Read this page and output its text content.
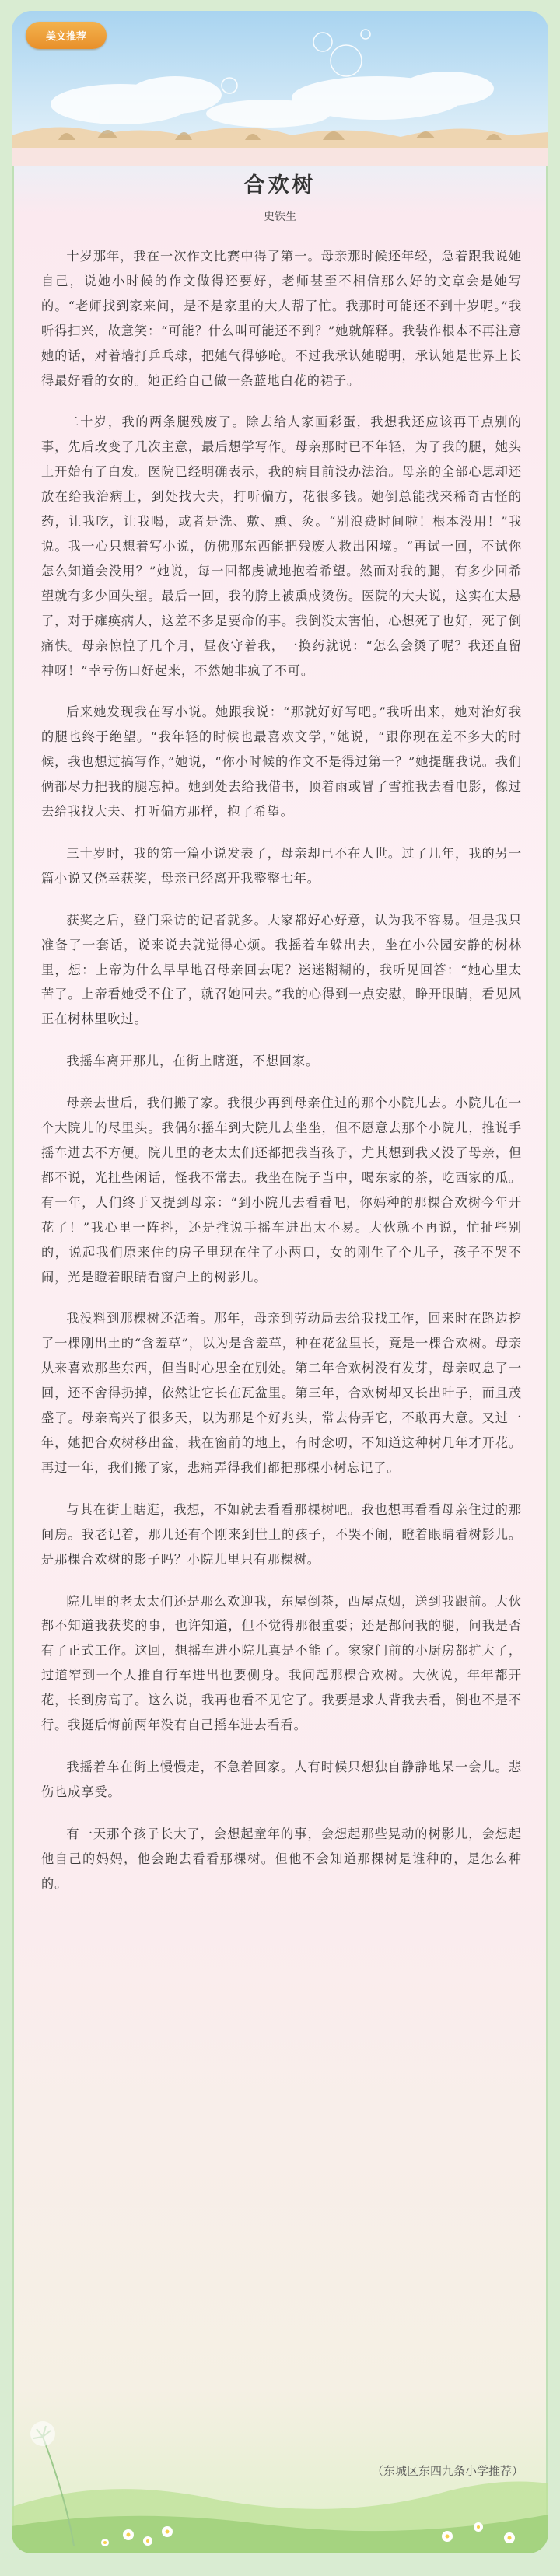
美文推荐
合欢树

史铁生

十岁那年，我在一次作文比赛中得了第一。母亲那时候还年轻，急着跟我说她自己，说她小时候的作文做得还要好，老师甚至不相信那么好的文章会是她写的。“老师找到家来问，是不是家里的大人帮了忙。我那时可能还不到十岁呢。”我听得扫兴，故意笑：“可能？什么叫可能还不到？”她就解释。我装作根本不再注意她的话，对着墙打乒乓球，把她气得够呛。不过我承认她聪明，承认她是世界上长得最好看的女的。她正给自己做一条蓝地白花的裙子。

二十岁，我的两条腿残废了。除去给人家画彩蛋，我想我还应该再干点别的事，先后改变了几次主意，最后想学写作。母亲那时已不年轻，为了我的腿，她头上开始有了白发。医院已经明确表示，我的病目前没办法治。母亲的全部心思却还放在给我治病上，到处找大夫，打听偏方，花很多钱。她倒总能找来稀奇古怪的药，让我吃，让我喝，或者是洗、敷、熏、灸。“别浪费时间啦！根本没用！”我说。我一心只想着写小说，仿佛那东西能把残废人救出困境。“再试一回，不试你怎么知道会没用？”她说，每一回都虔诚地抱着希望。然而对我的腿，有多少回希望就有多少回失望。最后一回，我的胯上被熏成烫伤。医院的大夫说，这实在太悬了，对于瘫痪病人，这差不多是要命的事。我倒没太害怕，心想死了也好，死了倒痛快。母亲惊惶了几个月，昼夜守着我，一换药就说：“怎么会烫了呢？我还直留神呀！”幸亏伤口好起来，不然她非疯了不可。

后来她发现我在写小说。她跟我说：“那就好好写吧。”我听出来，她对治好我的腿也终于绝望。“我年轻的时候也最喜欢文学，”她说，“跟你现在差不多大的时候，我也想过搞写作，”她说，“你小时候的作文不是得过第一？”她提醒我说。我们俩都尽力把我的腿忘掉。她到处去给我借书，顶着雨或冒了雪推我去看电影，像过去给我找大夫、打听偏方那样，抱了希望。

三十岁时，我的第一篇小说发表了，母亲却已不在人世。过了几年，我的另一篇小说又侥幸获奖，母亲已经离开我整整七年。

获奖之后，登门采访的记者就多。大家都好心好意，认为我不容易。但是我只准备了一套话，说来说去就觉得心烦。我摇着车躲出去，坐在小公园安静的树林里，想：上帝为什么早早地召母亲回去呢？迷迷糊糊的，我听见回答：“她心里太苦了。上帝看她受不住了，就召她回去。”我的心得到一点安慰，睁开眼睛，看见风正在树林里吹过。

我摇车离开那儿，在街上瞎逛，不想回家。

母亲去世后，我们搬了家。我很少再到母亲住过的那个小院儿去。小院儿在一个大院儿的尽里头。我偶尔摇车到大院儿去坐坐，但不愿意去那个小院儿，推说手摇车进去不方便。院儿里的老太太们还都把我当孩子，尤其想到我又没了母亲，但都不说，光扯些闲话，怪我不常去。我坐在院子当中，喝东家的茶，吃西家的瓜。有一年，人们终于又提到母亲：“到小院儿去看看吧，你妈种的那棵合欢树今年开花了！”我心里一阵抖，还是推说手摇车进出太不易。大伙就不再说，忙扯些别的，说起我们原来住的房子里现在住了小两口，女的刚生了个儿子，孩子不哭不闹，光是瞪着眼睛看窗户上的树影儿。

我没料到那棵树还活着。那年，母亲到劳动局去给我找工作，回来时在路边挖了一棵刚出土的“含羞草”，以为是含羞草，种在花盆里长，竟是一棵合欢树。母亲从来喜欢那些东西，但当时心思全在别处。第二年合欢树没有发芽，母亲叹息了一回，还不舍得扔掉，依然让它长在瓦盆里。第三年，合欢树却又长出叶子，而且茂盛了。母亲高兴了很多天，以为那是个好兆头，常去侍弄它，不敢再大意。又过一年，她把合欢树移出盆，栽在窗前的地上，有时念叨，不知道这种树几年才开花。再过一年，我们搬了家，悲痛弄得我们都把那棵小树忘记了。

与其在街上瞎逛，我想，不如就去看看那棵树吧。我也想再看看母亲住过的那间房。我老记着，那儿还有个刚来到世上的孩子，不哭不闹，瞪着眼睛看树影儿。是那棵合欢树的影子吗？小院儿里只有那棵树。

院儿里的老太太们还是那么欢迎我，东屋倒茶，西屋点烟，送到我跟前。大伙都不知道我获奖的事，也许知道，但不觉得那很重要；还是都问我的腿，问我是否有了正式工作。这回，想摇车进小院儿真是不能了。家家门前的小厨房都扩大了，过道窄到一个人推自行车进出也要侧身。我问起那棵合欢树。大伙说，年年都开花，长到房高了。这么说，我再也看不见它了。我要是求人背我去看，倒也不是不行。我挺后悔前两年没有自己摇车进去看看。

我摇着车在街上慢慢走，不急着回家。人有时候只想独自静静地呆一会儿。悲伤也成享受。

有一天那个孩子长大了，会想起童年的事，会想起那些晃动的树影儿，会想起他自己的妈妈，他会跑去看看那棵树。但他不会知道那棵树是谁种的，是怎么种的。

（东城区东四九条小学推荐）
